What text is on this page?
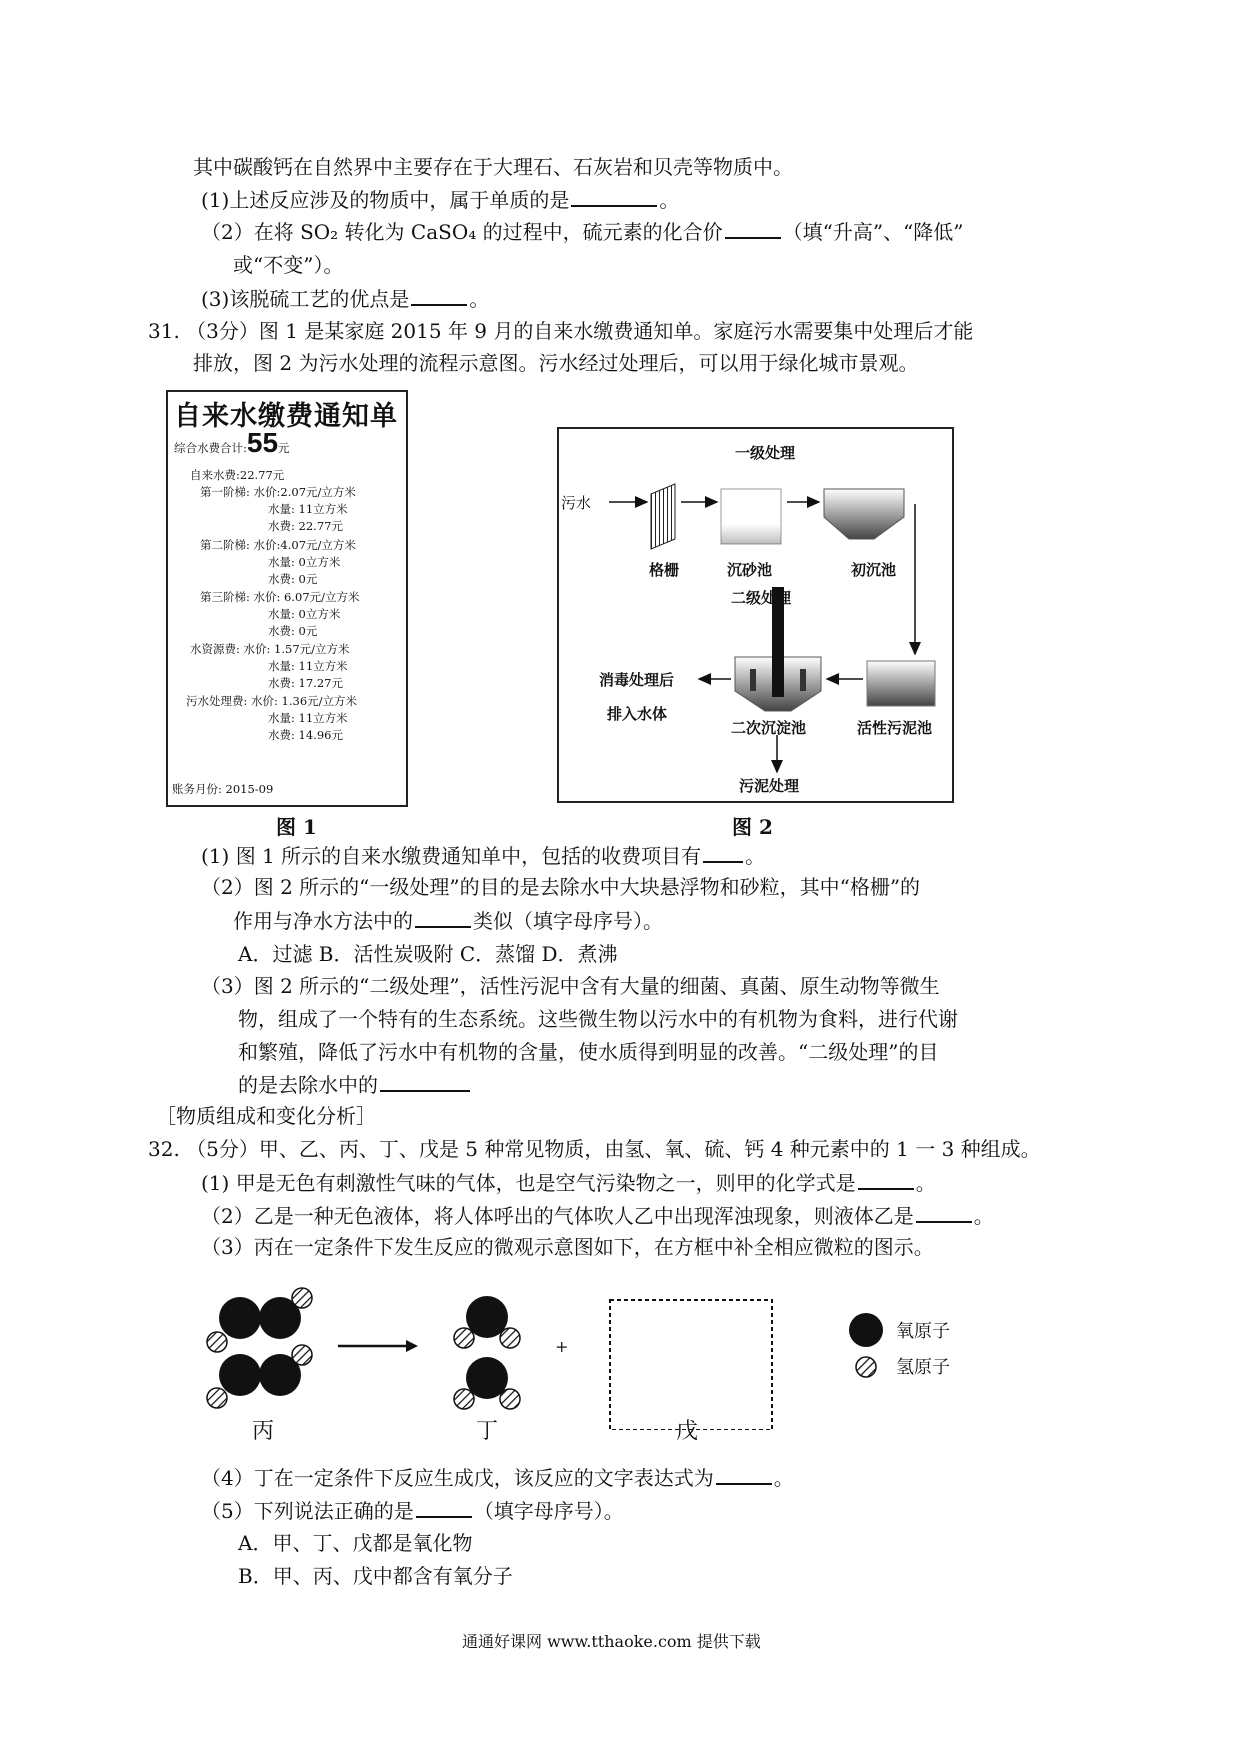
其中碳酸钙在自然界中主要存在于大理石、石灰岩和贝壳等物质中。
(1)上述反应涉及的物质中，属于单质的是	。
（2）在将 SO₂ 转化为 CaSO₄ 的过程中，硫元素的化合价	（填“升高”、“降低”
或“不变”）。
(3)该脱硫工艺的优点是	。
31. （3分）图 1 是某家庭 2015 年 9 月的自来水缴费通知单。家庭污水需要集中处理后才能
排放，图 2 为污水处理的流程示意图。污水经过处理后，可以用于绿化城市景观。
自来水缴费通知单
综合水费合计:55元
自来水费:22.77元
第一阶梯: 水价:2.07元/立方米
水量: 11立方米
水费: 22.77元
第二阶梯: 水价:4.07元/立方米
水量: 0立方米
水费: 0元
第三阶梯: 水价: 6.07元/立方米
水量: 0立方米
水费: 0元
水资源费: 水价: 1.57元/立方米
水量: 11立方米
水费: 17.27元
污水处理费: 水价: 1.36元/立方米
水量: 11立方米
水费: 14.96元
账务月份: 2015-09
一级处理
污水
格栅	沉砂池	初沉池
二级处理
消毒处理后
排入水体
二次沉淀池	活性污泥池
污泥处理
图 1	图 2
(1) 图 1 所示的自来水缴费通知单中，包括的收费项目有 。
（2）图 2 所示的“一级处理”的目的是去除水中大块悬浮物和砂粒，其中“格栅”的
作用与净水方法中的	类似（填字母序号）。
A．过滤 B．活性炭吸附 C．蒸馏 D．煮沸
（3）图 2 所示的“二级处理”，活性污泥中含有大量的细菌、真菌、原生动物等微生
物，组成了一个特有的生态系统。这些微生物以污水中的有机物为食料，进行代谢
和繁殖，降低了污水中有机物的含量，使水质得到明显的改善。“二级处理”的目
的是去除水中的
［物质组成和变化分析］
32. （5分）甲、乙、丙、丁、戊是 5 种常见物质，由氢、氧、硫、钙 4 种元素中的 1 一 3 种组成。
(1) 甲是无色有刺激性气味的气体，也是空气污染物之一，则甲的化学式是	。
（2）乙是一种无色液体，将人体呼出的气体吹人乙中出现浑浊现象，则液体乙是	。
（3）丙在一定条件下发生反应的微观示意图如下，在方框中补全相应微粒的图示。
+
丙	丁	戊
氧原子
氢原子
（4）丁在一定条件下反应生成戊，该反应的文字表达式为	。
（5）下列说法正确的是	（填字母序号）。
A．甲、丁、戊都是氧化物
B．甲、丙、戊中都含有氧分子
通通好课网 www.tthaoke.com 提供下载
